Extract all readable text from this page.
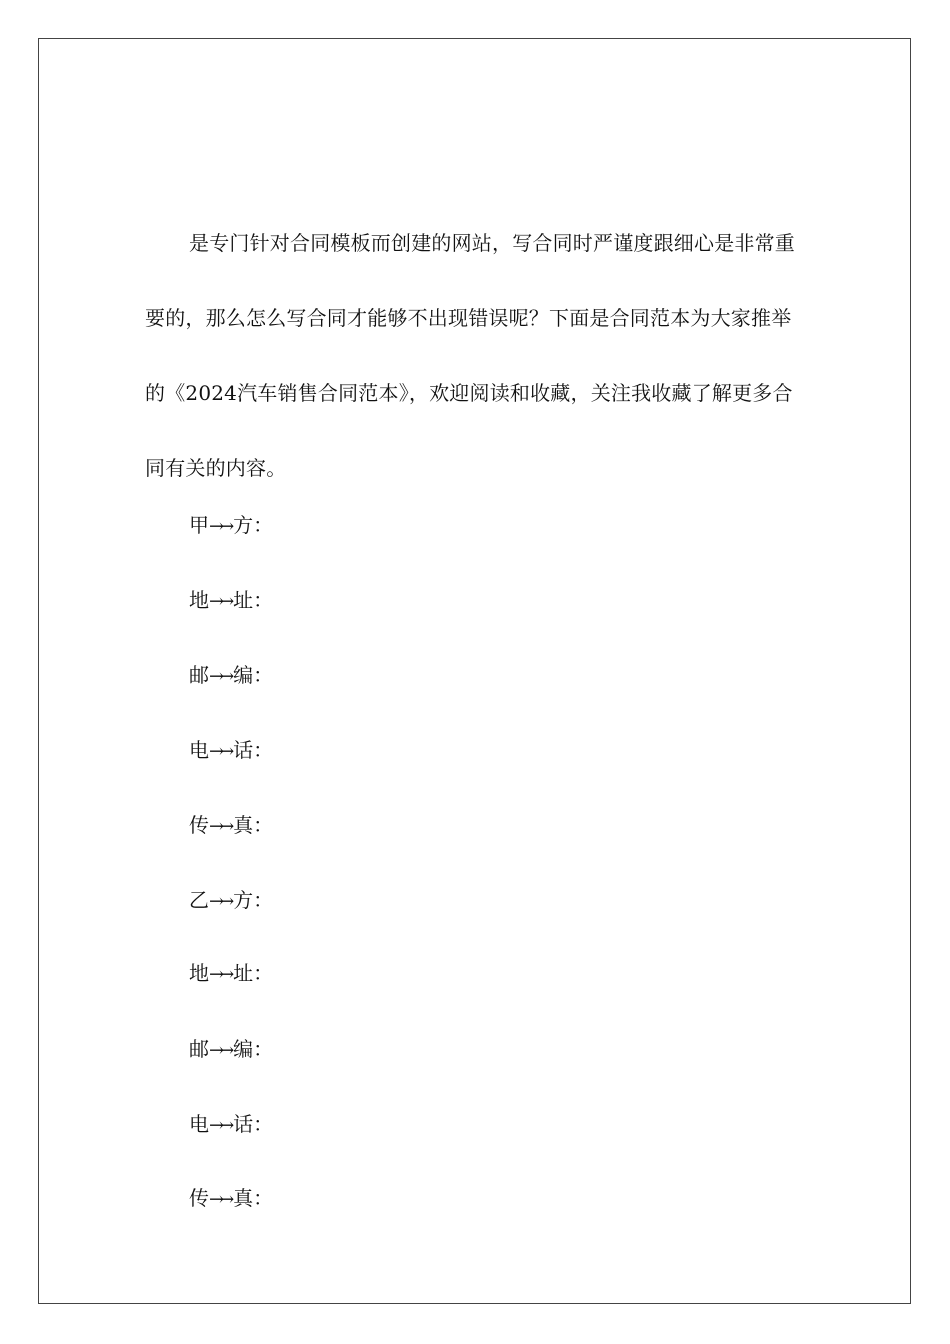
是专门针对合同模板而创建的网站，写合同时严谨度跟细心是非常重要的，那么怎么写合同才能够不出现错误呢？下面是合同范本为大家推举的《2024汽车销售合同范本》，欢迎阅读和收藏，关注我收藏了解更多合同有关的内容。

甲→→ 方：

地→→ 址：

邮→→ 编：

电→→ 话：

传→→ 真：

乙→→ 方：

地→→ 址：

邮→→ 编：

电→→ 话：

传→→ 真：
